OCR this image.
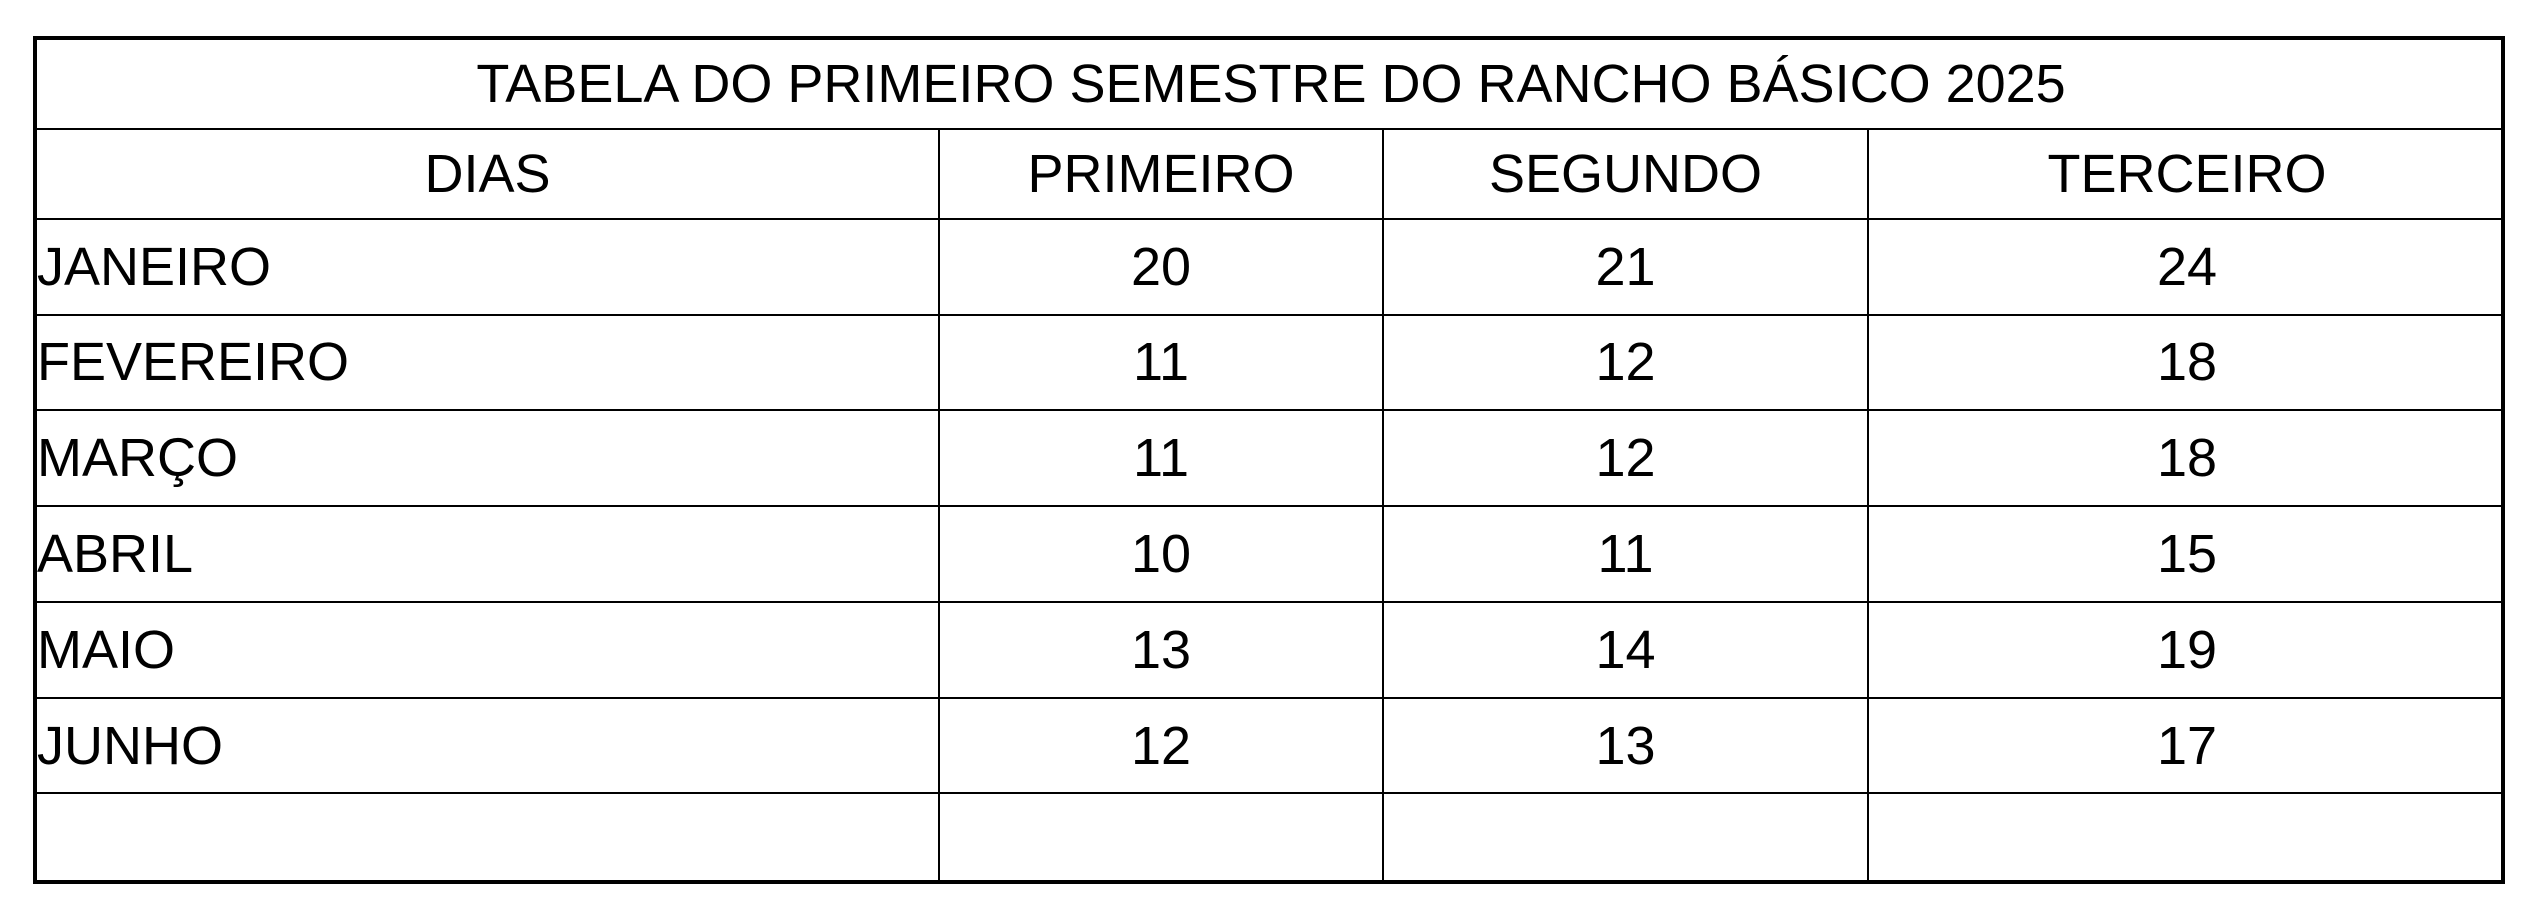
TABELA DO PRIMEIRO SEMESTRE DO RANCHO BÁSICO 2025			
DIAS	PRIMEIRO	SEGUNDO	TERCEIRO
JANEIRO	20	21	24
FEVEREIRO	11	12	18
MARÇO	11	12	18
ABRIL	10	11	15
MAIO	13	14	19
JUNHO	12	13	17
